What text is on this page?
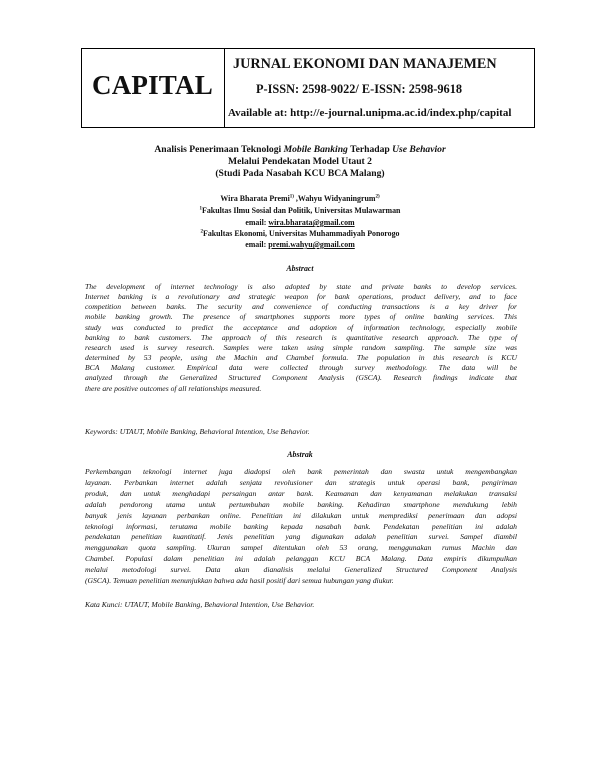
CAPITAL
JURNAL EKONOMI DAN MANAJEMEN
P-ISSN: 2598-9022/ E-ISSN: 2598-9618
Available at: http://e-journal.unipma.ac.id/index.php/capital
Analisis Penerimaan Teknologi Mobile Banking Terhadap Use Behavior
Melalui Pendekatan Model Utaut 2
(Studi Pada Nasabah KCU BCA Malang)
Wira Bharata Premi$^{1)}$ ,Wahyu Widyaningrum$^{2)}$
$^1$Fakultas Ilmu Sosial dan Politik, Universitas Mulawarman
email: wira.bharata@gmail.com
$^2$Fakultas Ekonomi, Universitas Muhammadiyah Ponorogo
email: premi.wahyu@gmail.com
Abstract
The development of internet technology is also adopted by state and private banks to develop services.
Internet banking is a revolutionary and strategic weapon for bank operations, product delivery, and to face
competition between banks. The security and convenience of conducting transactions is a key driver for
mobile banking growth. The presence of smartphones supports more types of online banking services. This
study was conducted to predict the acceptance and adoption of information technology, especially mobile
banking to bank customers. The approach of this research is quantitative research approach. The type of
research used is survey research. Samples were taken using simple random sampling. The sample size was
determined by 53 people, using the Machin and Chambel formula. The population in this research is KCU
BCA Malang customer. Empirical data were collected through survey methodology. The data will be
analyzed through the Generalized Structured Component Analysis (GSCA). Research findings indicate that
there are positive outcomes of all relationships measured.
Keywords: UTAUT, Mobile Banking, Behavioral Intention, Use Behavior.
Abstrak
Perkembangan teknologi internet juga diadopsi oleh bank pemerintah dan swasta untuk mengembangkan
layanan. Perbankan internet adalah senjata revolusioner dan strategis untuk operasi bank, pengiriman
produk, dan untuk menghadapi persaingan antar bank. Keamanan dan kenyamanan melakukan transaksi
adalah pendorong utama untuk pertumbuhan mobile banking. Kehadiran smartphone mendukung lebih
banyak jenis layanan perbankan online. Penelitian ini dilakukan untuk memprediksi penerimaan dan adopsi
teknologi informasi, terutama mobile banking kepada nasabah bank. Pendekatan penelitian ini adalah
pendekatan penelitian kuantitatif. Jenis penelitian yang digunakan adalah penelitian survei. Sampel diambil
menggunakan quota sampling. Ukuran sampel ditentukan oleh 53 orang, menggunakan rumus Machin dan
Chambel. Populasi dalam penelitian ini adalah pelanggan KCU BCA Malang. Data empiris dikumpulkan
melalui metodologi survei. Data akan dianalisis melalui Generalized Structured Component Analysis
(GSCA). Temuan penelitian menunjukkan bahwa ada hasil positif dari semua hubungan yang diukur.
Kata Kunci: UTAUT, Mobile Banking, Behavioral Intention, Use Behavior.
